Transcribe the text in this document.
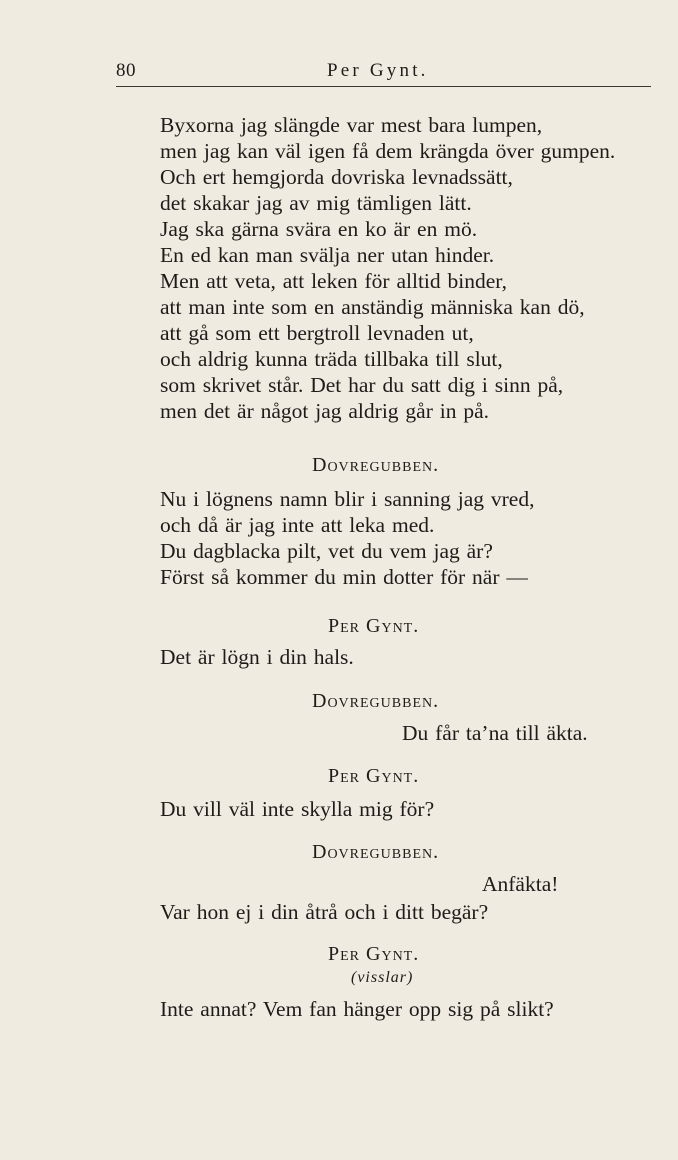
80	Per Gynt.
Byxorna jag slängde var mest bara lumpen,
men jag kan väl igen få dem krängda över gumpen.
Och ert hemgjorda dovriska levnadssätt,
det skakar jag av mig tämligen lätt.
Jag ska gärna svära en ko är en mö.
En ed kan man svälja ner utan hinder.
Men att veta, att leken för alltid binder,
att man inte som en anständig människa kan dö,
att gå som ett bergtroll levnaden ut,
och aldrig kunna träda tillbaka till slut,
som skrivet står. Det har du satt dig i sinn på,
men det är något jag aldrig går in på.
Dovregubben.
Nu i lögnens namn blir i sanning jag vred,
och då är jag inte att leka med.
Du dagblacka pilt, vet du vem jag är?
Först så kommer du min dotter för när —
Per Gynt.
Det är lögn i din hals.
Dovregubben.
Du får ta’na till äkta.
Per Gynt.
Du vill väl inte skylla mig för?
Dovregubben.
Anfäkta!
Var hon ej i din åtrå och i ditt begär?
Per Gynt.
(visslar)
Inte annat? Vem fan hänger opp sig på slikt?
